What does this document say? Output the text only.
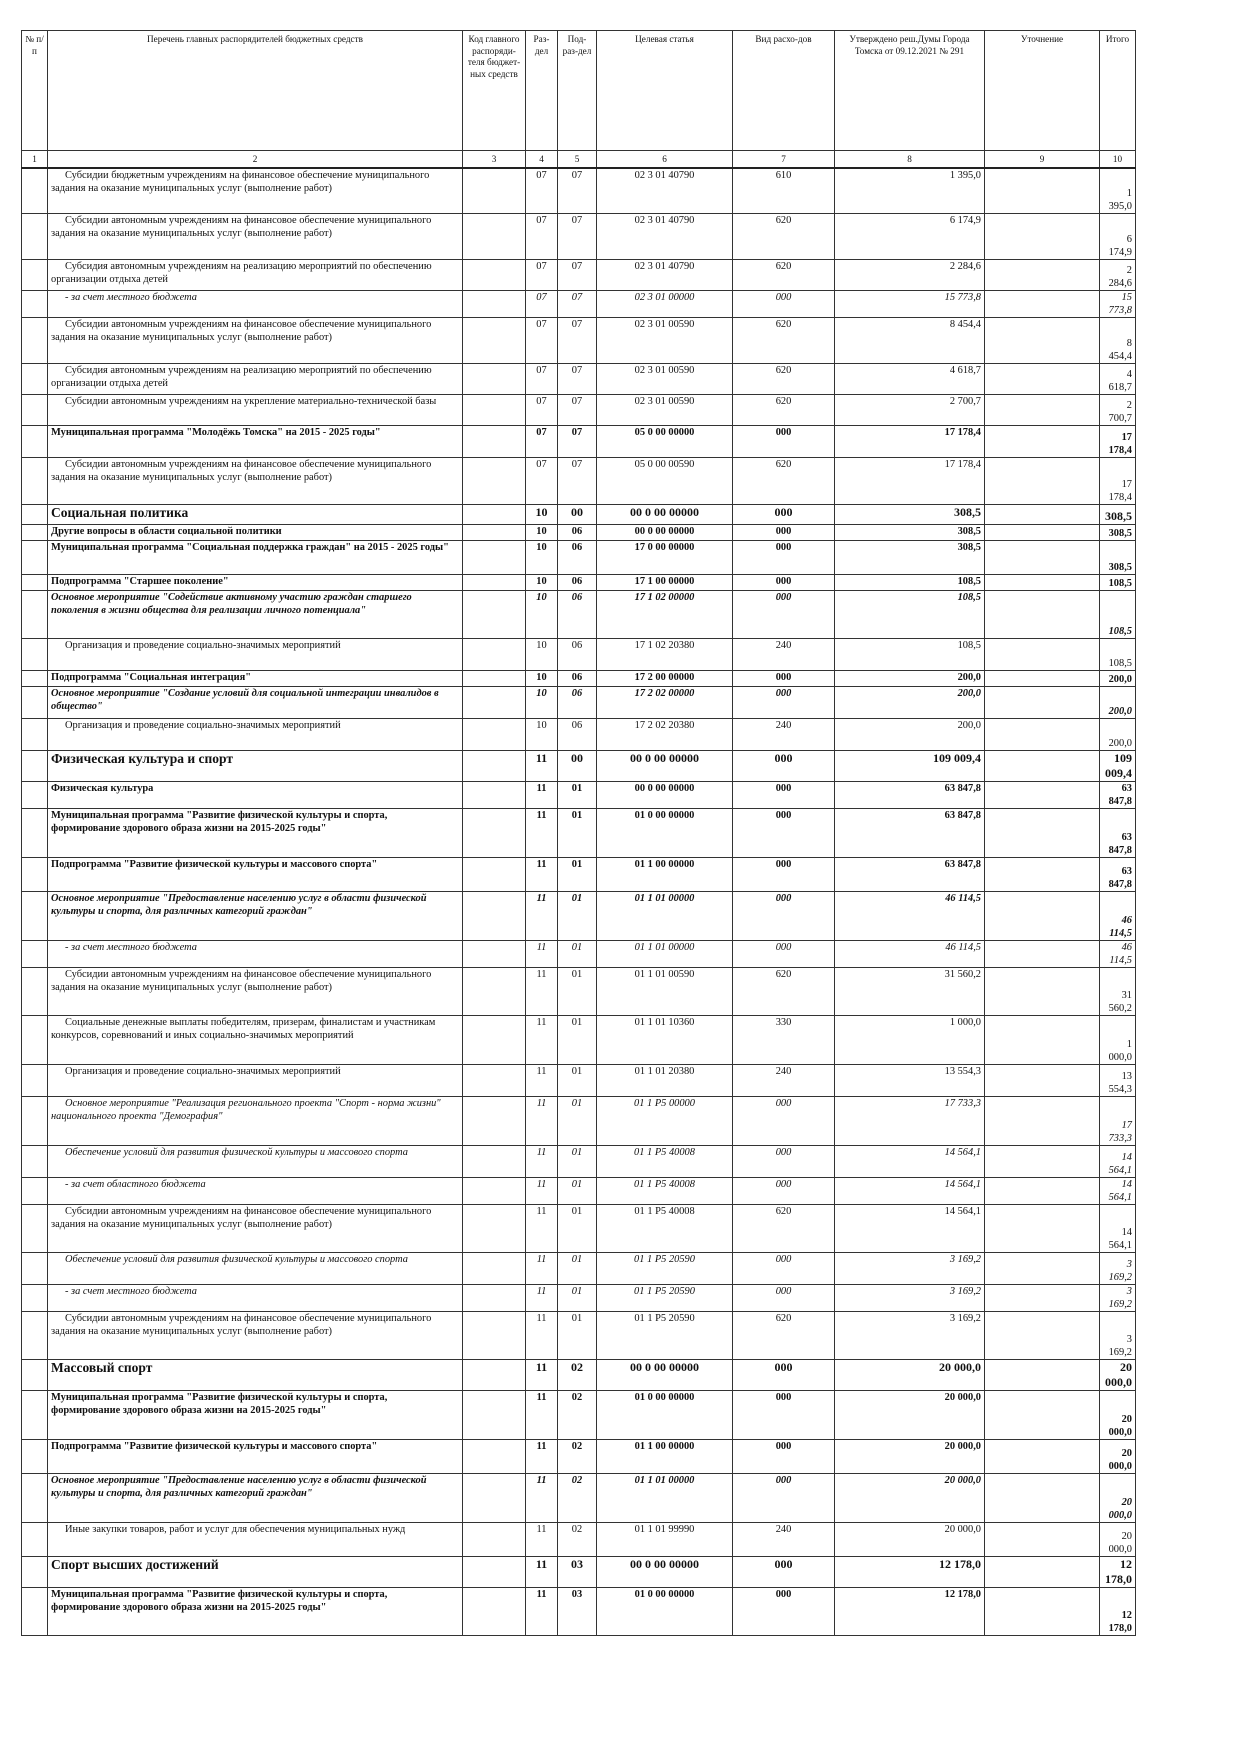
№ п/п	Перечень главных распорядителей бюджетных средств	Код главного распоряди-теля бюджет-ных средств	Раз-дел	Под-раз-дел	Целевая статья	Вид расхо-дов	Утверждено реш.Думы Города Томска от 09.12.2021 № 291	Уточнение	Итого
1	2	3	4	5	6	7	8	9	10
	Субсидии бюджетным учреждениям на финансовое обеспечение муниципального задания на оказание муниципальных услуг (выполнение работ)		07	07	02 3 01 40790	610	1 395,0		1 395,0
	Субсидии автономным учреждениям на финансовое обеспечение муниципального задания на оказание муниципальных услуг (выполнение работ)		07	07	02 3 01 40790	620	6 174,9		6 174,9
	Субсидия автономным учреждениям на реализацию мероприятий по обеспечению организации отдыха детей		07	07	02 3 01 40790	620	2 284,6		2 284,6
	- за счет местного бюджета		07	07	02 3 01 00000	000	15 773,8		15 773,8
	Субсидии автономным учреждениям на финансовое обеспечение муниципального задания на оказание муниципальных услуг (выполнение работ)		07	07	02 3 01 00590	620	8 454,4		8 454,4
	Субсидия автономным учреждениям на реализацию мероприятий по обеспечению организации отдыха детей		07	07	02 3 01 00590	620	4 618,7		4 618,7
	Субсидии автономным учреждениям на укрепление материально-технической базы		07	07	02 3 01 00590	620	2 700,7		2 700,7
	Муниципальная программа "Молодёжь Томска" на 2015 - 2025 годы"		07	07	05 0 00 00000	000	17 178,4		17 178,4
	Субсидии автономным учреждениям на финансовое обеспечение муниципального задания на оказание муниципальных услуг (выполнение работ)		07	07	05 0 00 00590	620	17 178,4		17 178,4
	Социальная политика		10	00	00 0 00 00000	000	308,5		308,5
	Другие вопросы в области социальной политики		10	06	00 0 00 00000	000	308,5		308,5
	Муниципальная программа "Социальная поддержка граждан" на 2015 - 2025 годы"		10	06	17 0 00 00000	000	308,5		308,5
	Подпрограмма "Старшее поколение"		10	06	17 1 00 00000	000	108,5		108,5
	Основное мероприятие "Содействие активному участию граждан старшего поколения в жизни общества для реализации личного потенциала"		10	06	17 1 02 00000	000	108,5		108,5
	Организация и проведение социально-значимых мероприятий		10	06	17 1 02 20380	240	108,5		108,5
	Подпрограмма "Социальная интеграция"		10	06	17 2 00 00000	000	200,0		200,0
	Основное мероприятие "Создание условий для социальной интеграции инвалидов в общество"		10	06	17 2 02 00000	000	200,0		200,0
	Организация и проведение социально-значимых мероприятий		10	06	17 2 02 20380	240	200,0		200,0
	Физическая культура и спорт		11	00	00 0 00 00000	000	109 009,4		109 009,4
	Физическая культура		11	01	00 0 00 00000	000	63 847,8		63 847,8
	Муниципальная программа "Развитие физической культуры и спорта, формирование здорового образа жизни на 2015-2025 годы"		11	01	01 0 00 00000	000	63 847,8		63 847,8
	Подпрограмма "Развитие физической культуры и массового спорта"		11	01	01 1 00 00000	000	63 847,8		63 847,8
	Основное мероприятие "Предоставление населению услуг в области физической культуры и спорта, для различных категорий граждан"		11	01	01 1 01 00000	000	46 114,5		46 114,5
	- за счет местного бюджета		11	01	01 1 01 00000	000	46 114,5		46 114,5
	Субсидии автономным учреждениям на финансовое обеспечение муниципального задания на оказание муниципальных услуг (выполнение работ)		11	01	01 1 01 00590	620	31 560,2		31 560,2
	Социальные денежные выплаты победителям, призерам, финалистам и участникам конкурсов, соревнований и иных социально-значимых мероприятий		11	01	01 1 01 10360	330	1 000,0		1 000,0
	Организация и проведение социально-значимых мероприятий		11	01	01 1 01 20380	240	13 554,3		13 554,3
	Основное мероприятие "Реализация регионального проекта "Спорт - норма жизни" национального проекта "Демография"		11	01	01 1 P5 00000	000	17 733,3		17 733,3
	Обеспечение условий для развития физической культуры и массового спорта		11	01	01 1 P5 40008	000	14 564,1		14 564,1
	- за счет областного бюджета		11	01	01 1 P5 40008	000	14 564,1		14 564,1
	Субсидии автономным учреждениям на финансовое обеспечение муниципального задания на оказание муниципальных услуг (выполнение работ)		11	01	01 1 P5 40008	620	14 564,1		14 564,1
	Обеспечение условий для развития физической культуры и массового спорта		11	01	01 1 P5 20590	000	3 169,2		3 169,2
	- за счет местного бюджета		11	01	01 1 P5 20590	000	3 169,2		3 169,2
	Субсидии автономным учреждениям на финансовое обеспечение муниципального задания на оказание муниципальных услуг (выполнение работ)		11	01	01 1 P5 20590	620	3 169,2		3 169,2
	Массовый спорт		11	02	00 0 00 00000	000	20 000,0		20 000,0
	Муниципальная программа "Развитие физической культуры и спорта, формирование здорового образа жизни на 2015-2025 годы"		11	02	01 0 00 00000	000	20 000,0		20 000,0
	Подпрограмма "Развитие физической культуры и массового спорта"		11	02	01 1 00 00000	000	20 000,0		20 000,0
	Основное мероприятие "Предоставление населению услуг в области физической культуры и спорта, для различных категорий граждан"		11	02	01 1 01 00000	000	20 000,0		20 000,0
	Иные закупки товаров, работ и услуг для обеспечения муниципальных нужд		11	02	01 1 01 99990	240	20 000,0		20 000,0
	Спорт высших достижений		11	03	00 0 00 00000	000	12 178,0		12 178,0
	Муниципальная программа "Развитие физической культуры и спорта, формирование здорового образа жизни на 2015-2025 годы"		11	03	01 0 00 00000	000	12 178,0		12 178,0
